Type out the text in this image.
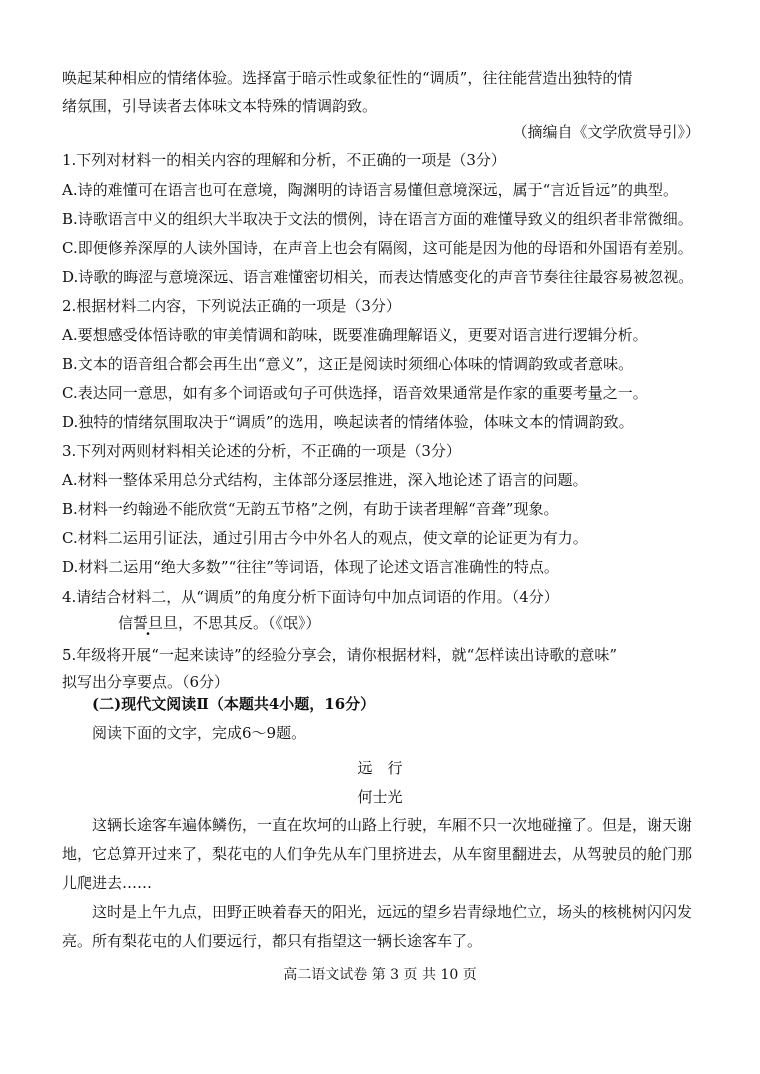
唤起某种相应的情绪体验。选择富于暗示性或象征性的“调质”，往往能营造出独特的情
绪氛围，引导读者去体味文本特殊的情调韵致。
（摘编自《文学欣赏导引》）
1.下列对材料一的相关内容的理解和分析，不正确的一项是（3分）
A.诗的难懂可在语言也可在意境，陶渊明的诗语言易懂但意境深远，属于“言近旨远”的典型。
B.诗歌语言中义的组织大半取决于文法的惯例，诗在语言方面的难懂导致义的组织者非常微细。
C.即便修养深厚的人读外国诗，在声音上也会有隔阂，这可能是因为他的母语和外国语有差别。
D.诗歌的晦涩与意境深远、语言难懂密切相关，而表达情感变化的声音节奏往往最容易被忽视。
2.根据材料二内容，下列说法正确的一项是（3分）
A.要想感受体悟诗歌的审美情调和韵味，既要准确理解语义，更要对语言进行逻辑分析。
B.文本的语音组合都会再生出“意义”，这正是阅读时须细心体味的情调韵致或者意味。
C.表达同一意思，如有多个词语或句子可供选择，语音效果通常是作家的重要考量之一。
D.独特的情绪氛围取决于“调质”的选用，唤起读者的情绪体验，体味文本的情调韵致。
3.下列对两则材料相关论述的分析，不正确的一项是（3分）
A.材料一整体采用总分式结构，主体部分逐层推进，深入地论述了语言的问题。
B.材料一约翰逊不能欣赏“无韵五节格”之例，有助于读者理解“音聋”现象。
C.材料二运用引证法，通过引用古今中外名人的观点，使文章的论证更为有力。
D.材料二运用“绝大多数”“往往”等词语，体现了论述文语言准确性的特点。
4.请结合材料二，从“调质”的角度分析下面诗句中加点词语的作用。（4分）
信誓旦旦，不思其反。（《氓》）
5.年级将开展“一起来读诗”的经验分享会，请你根据材料，就“怎样读出诗歌的意味”
拟写出分享要点。（6分）
(二)现代文阅读Ⅱ（本题共4小题，16分）
阅读下面的文字，完成6～9题。
远　行
何士光
这辆长途客车遍体鳞伤，一直在坎坷的山路上行驶，车厢不只一次地碰撞了。但是，谢天谢
地，它总算开过来了，梨花屯的人们争先从车门里挤进去，从车窗里翻进去，从驾驶员的舱门那
儿爬进去……
这时是上午九点，田野正映着春天的阳光，远远的望乡岩青绿地伫立，场头的核桃树闪闪发
亮。所有梨花屯的人们要远行，都只有指望这一辆长途客车了。
高二语文试卷 第 3 页 共 10 页
